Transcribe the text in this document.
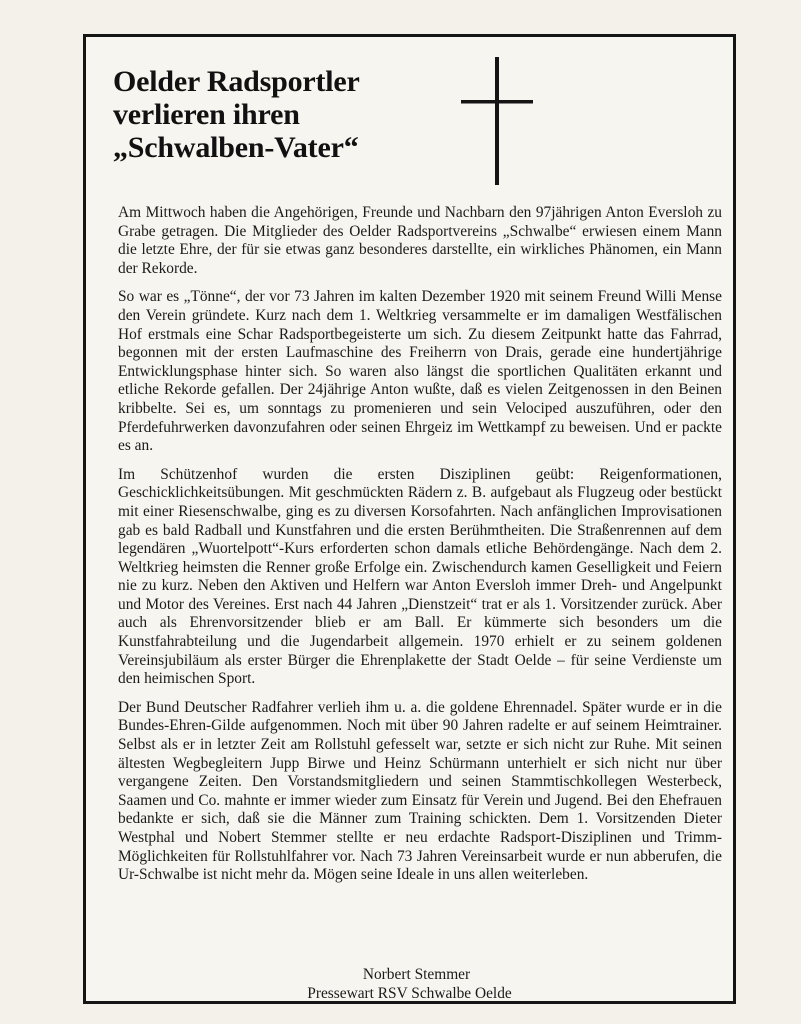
Oelder Radsportler
verlieren ihren
„Schwalben-Vater“

Am Mittwoch haben die Angehörigen, Freunde und Nachbarn den 97jährigen Anton Eversloh zu Grabe getragen. Die Mitglieder des Oelder Radsportvereins „Schwalbe“ erwiesen einem Mann die letzte Ehre, der für sie etwas ganz besonderes darstellte, ein wirkliches Phänomen, ein Mann der Rekorde.

So war es „Tönne“, der vor 73 Jahren im kalten Dezember 1920 mit seinem Freund Willi Mense den Verein gründete. Kurz nach dem 1. Weltkrieg versammelte er im damaligen Westfälischen Hof erstmals eine Schar Radsportbegeisterte um sich. Zu diesem Zeitpunkt hatte das Fahrrad, begonnen mit der ersten Laufmaschine des Freiherrn von Drais, gerade eine hundertjährige Entwicklungsphase hinter sich. So waren also längst die sportlichen Qualitäten erkannt und etliche Rekorde gefallen. Der 24jährige Anton wußte, daß es vielen Zeitgenossen in den Beinen kribbelte. Sei es, um sonntags zu promenieren und sein Velociped auszuführen, oder den Pferdefuhrwerken davonzufahren oder seinen Ehrgeiz im Wettkampf zu beweisen. Und er packte es an.

Im Schützenhof wurden die ersten Disziplinen geübt: Reigenformationen, Geschicklichkeitsübungen. Mit geschmückten Rädern z. B. aufgebaut als Flugzeug oder bestückt mit einer Riesenschwalbe, ging es zu diversen Korsofahrten. Nach anfänglichen Improvisationen gab es bald Radball und Kunstfahren und die ersten Berühmtheiten. Die Straßenrennen auf dem legendären „Wuortelpott“-Kurs erforderten schon damals etliche Behördengänge. Nach dem 2. Weltkrieg heimsten die Renner große Erfolge ein. Zwischendurch kamen Geselligkeit und Feiern nie zu kurz. Neben den Aktiven und Helfern war Anton Eversloh immer Dreh- und Angelpunkt und Motor des Vereines. Erst nach 44 Jahren „Dienstzeit“ trat er als 1. Vorsitzender zurück. Aber auch als Ehrenvorsitzender blieb er am Ball. Er kümmerte sich besonders um die Kunstfahrabteilung und die Jugendarbeit allgemein. 1970 erhielt er zu seinem goldenen Vereinsjubiläum als erster Bürger die Ehrenplakette der Stadt Oelde – für seine Verdienste um den heimischen Sport.

Der Bund Deutscher Radfahrer verlieh ihm u. a. die goldene Ehrennadel. Später wurde er in die Bundes-Ehren-Gilde aufgenommen. Noch mit über 90 Jahren radelte er auf seinem Heimtrainer. Selbst als er in letzter Zeit am Rollstuhl gefesselt war, setzte er sich nicht zur Ruhe. Mit seinen ältesten Wegbegleitern Jupp Birwe und Heinz Schürmann unterhielt er sich nicht nur über vergangene Zeiten. Den Vorstandsmitgliedern und seinen Stammtischkollegen Westerbeck, Saamen und Co. mahnte er immer wieder zum Einsatz für Verein und Jugend. Bei den Ehefrauen bedankte er sich, daß sie die Männer zum Training schickten. Dem 1. Vorsitzenden Dieter Westphal und Nobert Stemmer stellte er neu erdachte Radsport-Disziplinen und Trimm-Möglichkeiten für Rollstuhlfahrer vor. Nach 73 Jahren Vereinsarbeit wurde er nun abberufen, die Ur-Schwalbe ist nicht mehr da. Mögen seine Ideale in uns allen weiterleben.

Norbert Stemmer
Pressewart RSV Schwalbe Oelde
